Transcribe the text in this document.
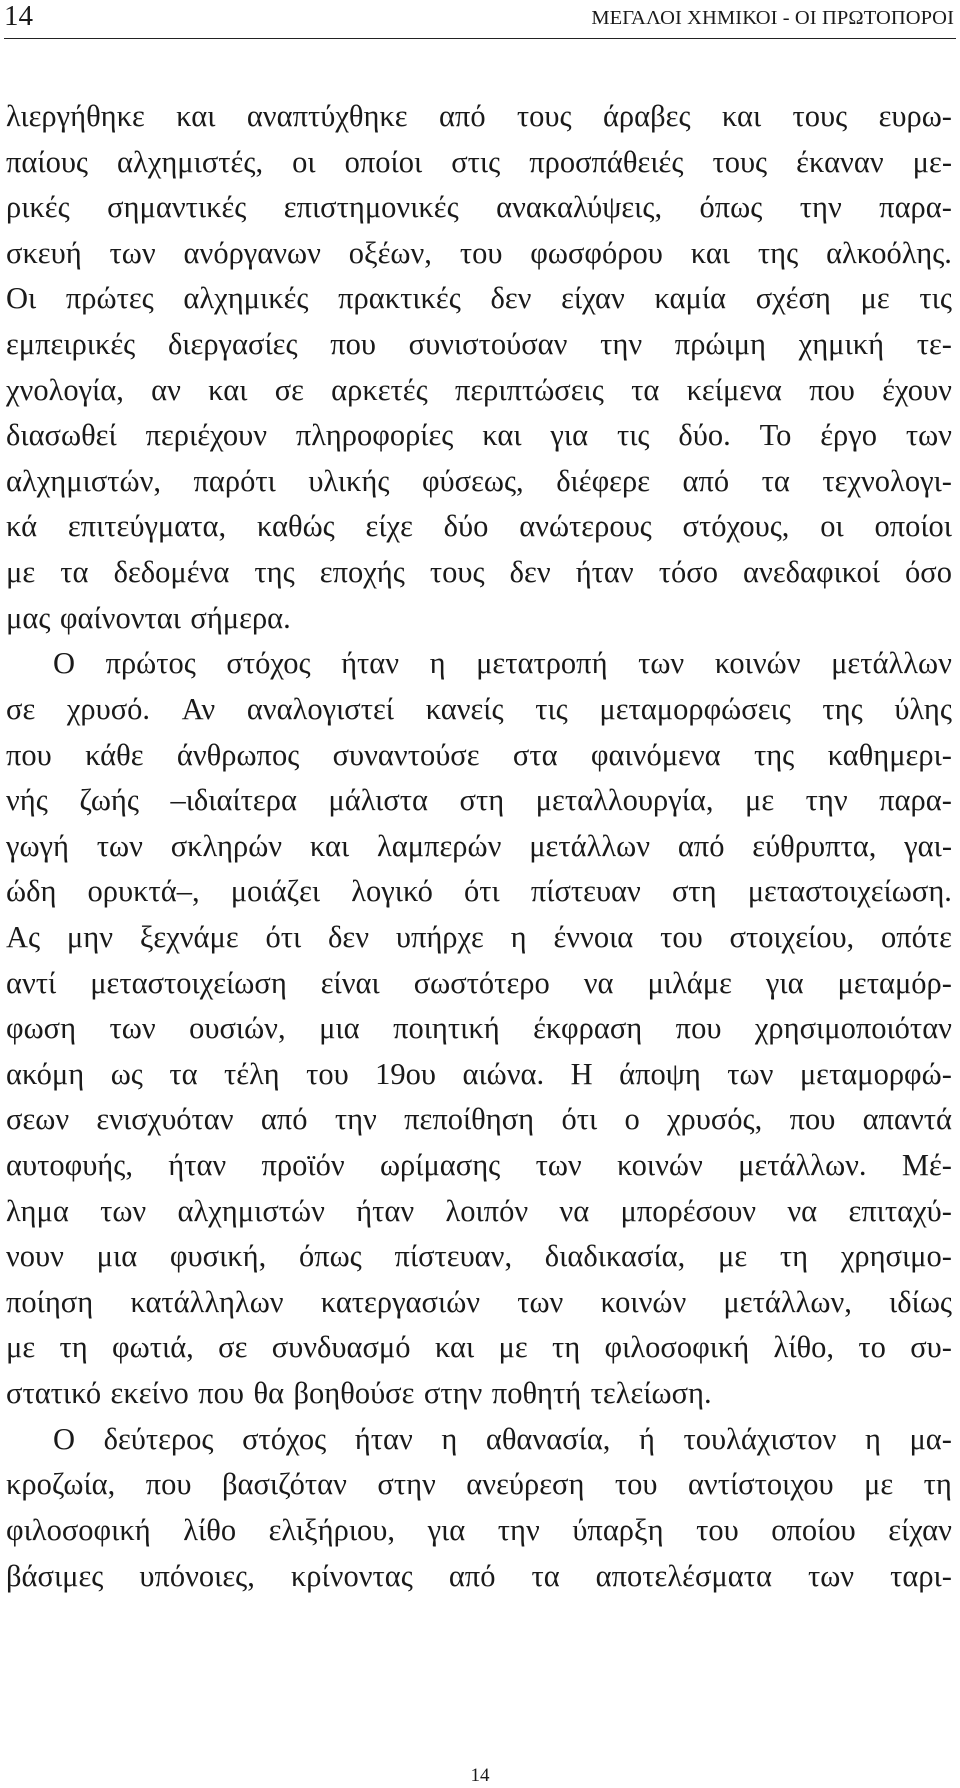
14	ΜΕΓΑΛΟΙ ΧΗΜΙΚΟΙ - ΟΙ ΠΡΩΤΟΠΟΡΟΙ
λιεργήθηκε και αναπτύχθηκε από τους άραβες και τους ευρω-
παίους αλχημιστές, οι οποίοι στις προσπάθειές τους έκαναν με-
ρικές σημαντικές επιστημονικές ανακαλύψεις, όπως την παρα-
σκευή των ανόργανων οξέων, του φωσφόρου και της αλκοόλης.
Οι πρώτες αλχημικές πρακτικές δεν είχαν καμία σχέση με τις
εμπειρικές διεργασίες που συνιστούσαν την πρώιμη χημική τε-
χνολογία, αν και σε αρκετές περιπτώσεις τα κείμενα που έχουν
διασωθεί περιέχουν πληροφορίες και για τις δύο. Το έργο των
αλχημιστών, παρότι υλικής φύσεως, διέφερε από τα τεχνολογι-
κά επιτεύγματα, καθώς είχε δύο ανώτερους στόχους, οι οποίοι
με τα δεδομένα της εποχής τους δεν ήταν τόσο ανεδαφικοί όσο
μας φαίνονται σήμερα.
Ο πρώτος στόχος ήταν η μετατροπή των κοινών μετάλλων
σε χρυσό. Αν αναλογιστεί κανείς τις μεταμορφώσεις της ύλης
που κάθε άνθρωπος συναντούσε στα φαινόμενα της καθημερι-
νής ζωής –ιδιαίτερα μάλιστα στη μεταλλουργία, με την παρα-
γωγή των σκληρών και λαμπερών μετάλλων από εύθρυπτα, γαι-
ώδη ορυκτά–, μοιάζει λογικό ότι πίστευαν στη μεταστοιχείωση.
Ας μην ξεχνάμε ότι δεν υπήρχε η έννοια του στοιχείου, οπότε
αντί μεταστοιχείωση είναι σωστότερο να μιλάμε για μεταμόρ-
φωση των ουσιών, μια ποιητική έκφραση που χρησιμοποιόταν
ακόμη ως τα τέλη του 19ου αιώνα. Η άποψη των μεταμορφώ-
σεων ενισχυόταν από την πεποίθηση ότι ο χρυσός, που απαντά
αυτοφυής, ήταν προϊόν ωρίμασης των κοινών μετάλλων. Μέ-
λημα των αλχημιστών ήταν λοιπόν να μπορέσουν να επιταχύ-
νουν μια φυσική, όπως πίστευαν, διαδικασία, με τη χρησιμο-
ποίηση κατάλληλων κατεργασιών των κοινών μετάλλων, ιδίως
με τη φωτιά, σε συνδυασμό και με τη φιλοσοφική λίθο, το συ-
στατικό εκείνο που θα βοηθούσε στην ποθητή τελείωση.
Ο δεύτερος στόχος ήταν η αθανασία, ή τουλάχιστον η μα-
κροζωία, που βασιζόταν στην ανεύρεση του αντίστοιχου με τη
φιλοσοφική λίθο ελιξήριου, για την ύπαρξη του οποίου είχαν
βάσιμες υπόνοιες, κρίνοντας από τα αποτελέσματα των ταρι-
14
